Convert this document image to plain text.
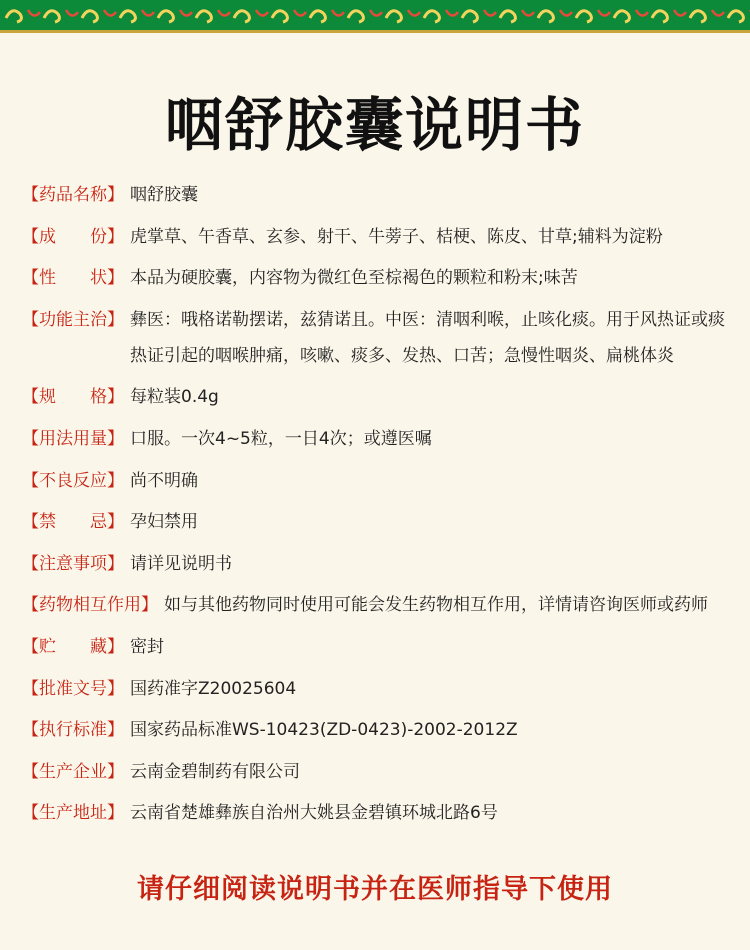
咽舒胶囊说明书
【药品名称】 咽舒胶囊
【成　　份】 虎掌草、午香草、玄参、射干、牛蒡子、桔梗、陈皮、甘草;辅料为淀粉
【性　　状】 本品为硬胶囊，内容物为微红色至棕褐色的颗粒和粉末;味苦
【功能主治】 彝医：哦格诺勒摆诺，兹猜诺且。中医：清咽利喉，止咳化痰。用于风热证或痰热证引起的咽喉肿痛，咳嗽、痰多、发热、口苦；急慢性咽炎、扁桃体炎
【规　　格】 每粒装0.4g
【用法用量】 口服。一次4~5粒，一日4次；或遵医嘱
【不良反应】 尚不明确
【禁　　忌】 孕妇禁用
【注意事项】 请详见说明书
【药物相互作用】 如与其他药物同时使用可能会发生药物相互作用，详情请咨询医师或药师
【贮　　藏】 密封
【批准文号】 国药准字Z20025604
【执行标准】 国家药品标准WS-10423(ZD-0423)-2002-2012Z
【生产企业】 云南金碧制药有限公司
【生产地址】 云南省楚雄彝族自治州大姚县金碧镇环城北路6号
请仔细阅读说明书并在医师指导下使用
